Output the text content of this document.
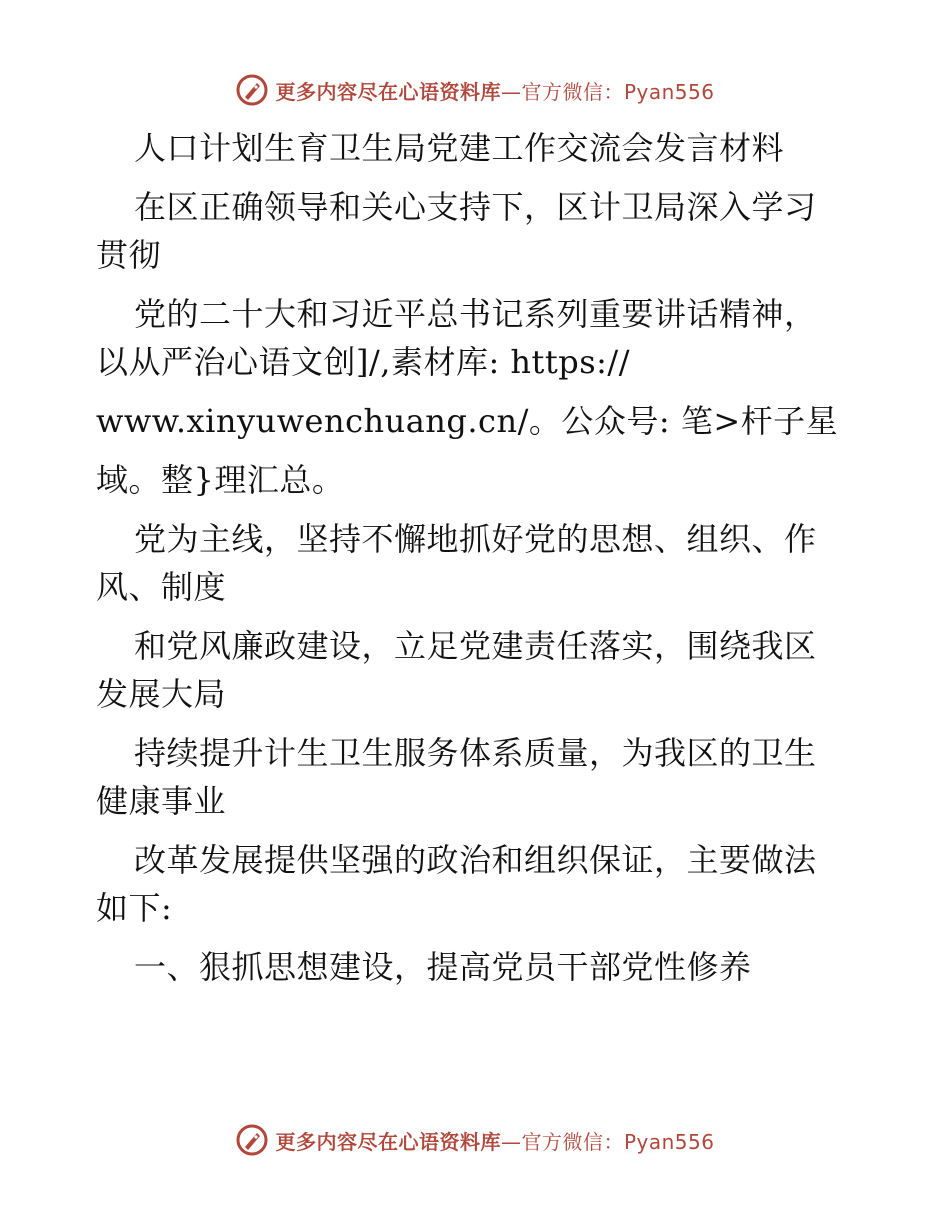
更多内容尽在心语资料库—官方微信：Pyan556
人口计划生育卫生局党建工作交流会发言材料
在区正确领导和关心支持下，区计卫局深入学习
贯彻
党的二十大和习近平总书记系列重要讲话精神，
以从严治心语文创]/,素材库: https://
www.xinyuwenchuang.cn/。公众号: 笔>杆子星
域。整}理汇总。
党为主线，坚持不懈地抓好党的思想、组织、作
风、制度
和党风廉政建设，立足党建责任落实，围绕我区
发展大局
持续提升计生卫生服务体系质量，为我区的卫生
健康事业
改革发展提供坚强的政治和组织保证，主要做法
如下:
一、狠抓思想建设，提高党员干部党性修养
更多内容尽在心语资料库—官方微信：Pyan556
